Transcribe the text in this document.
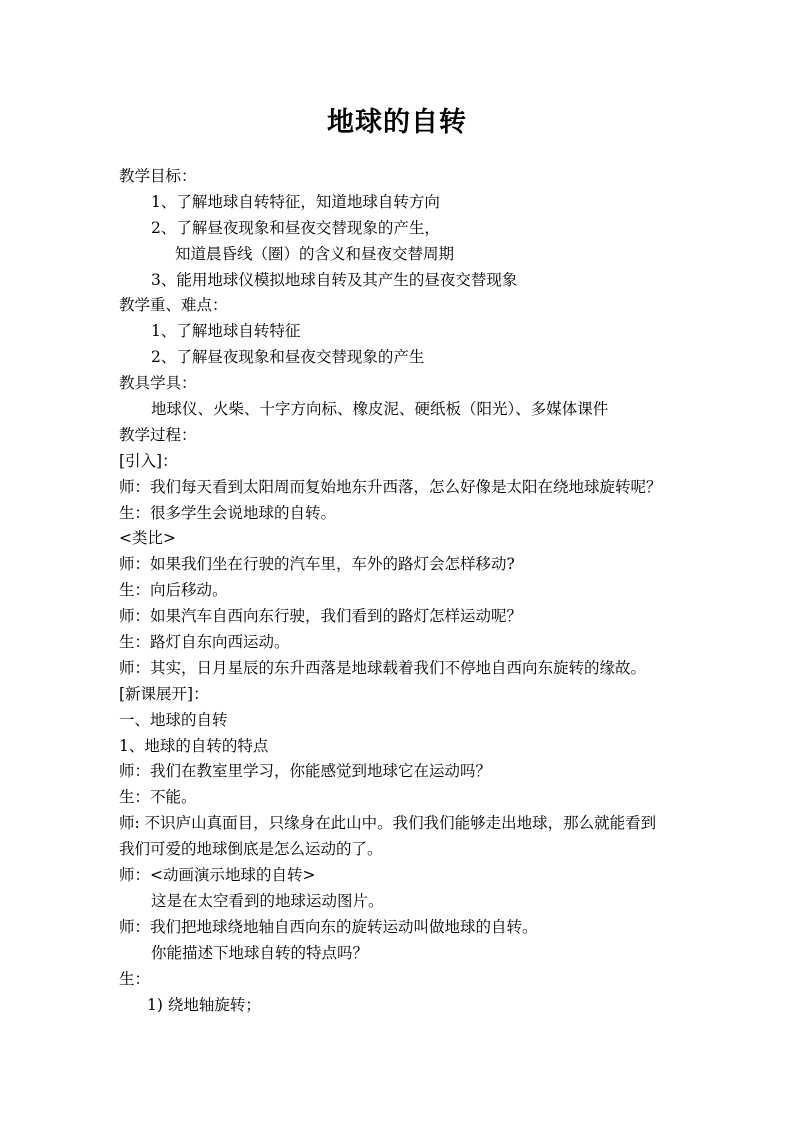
地球的自转
教学目标：
1、了解地球自转特征，知道地球自转方向
2、了解昼夜现象和昼夜交替现象的产生，
知道晨昏线（圈）的含义和昼夜交替周期
3、能用地球仪模拟地球自转及其产生的昼夜交替现象
教学重、难点：
1、了解地球自转特征
2、了解昼夜现象和昼夜交替现象的产生
教具学具：
地球仪、火柴、十字方向标、橡皮泥、硬纸板（阳光）、多媒体课件
教学过程：
[引入]：
师：我们每天看到太阳周而复始地东升西落，怎么好像是太阳在绕地球旋转呢？
生：很多学生会说地球的自转。
<类比>
师：如果我们坐在行驶的汽车里，车外的路灯会怎样移动?
生：向后移动。
师：如果汽车自西向东行驶，我们看到的路灯怎样运动呢？
生：路灯自东向西运动。
师：其实，日月星辰的东升西落是地球载着我们不停地自西向东旋转的缘故。
[新课展开]：
一、地球的自转
1、地球的自转的特点
师：我们在教室里学习，你能感觉到地球它在运动吗？
生：不能。
师: 不识庐山真面目，只缘身在此山中。我们我们能够走出地球，那么就能看到
我们可爱的地球倒底是怎么运动的了。
师：<动画演示地球的自转>
这是在太空看到的地球运动图片。
师：我们把地球绕地轴自西向东的旋转运动叫做地球的自转。
你能描述下地球自转的特点吗？
生：
1) 绕地轴旋转；
